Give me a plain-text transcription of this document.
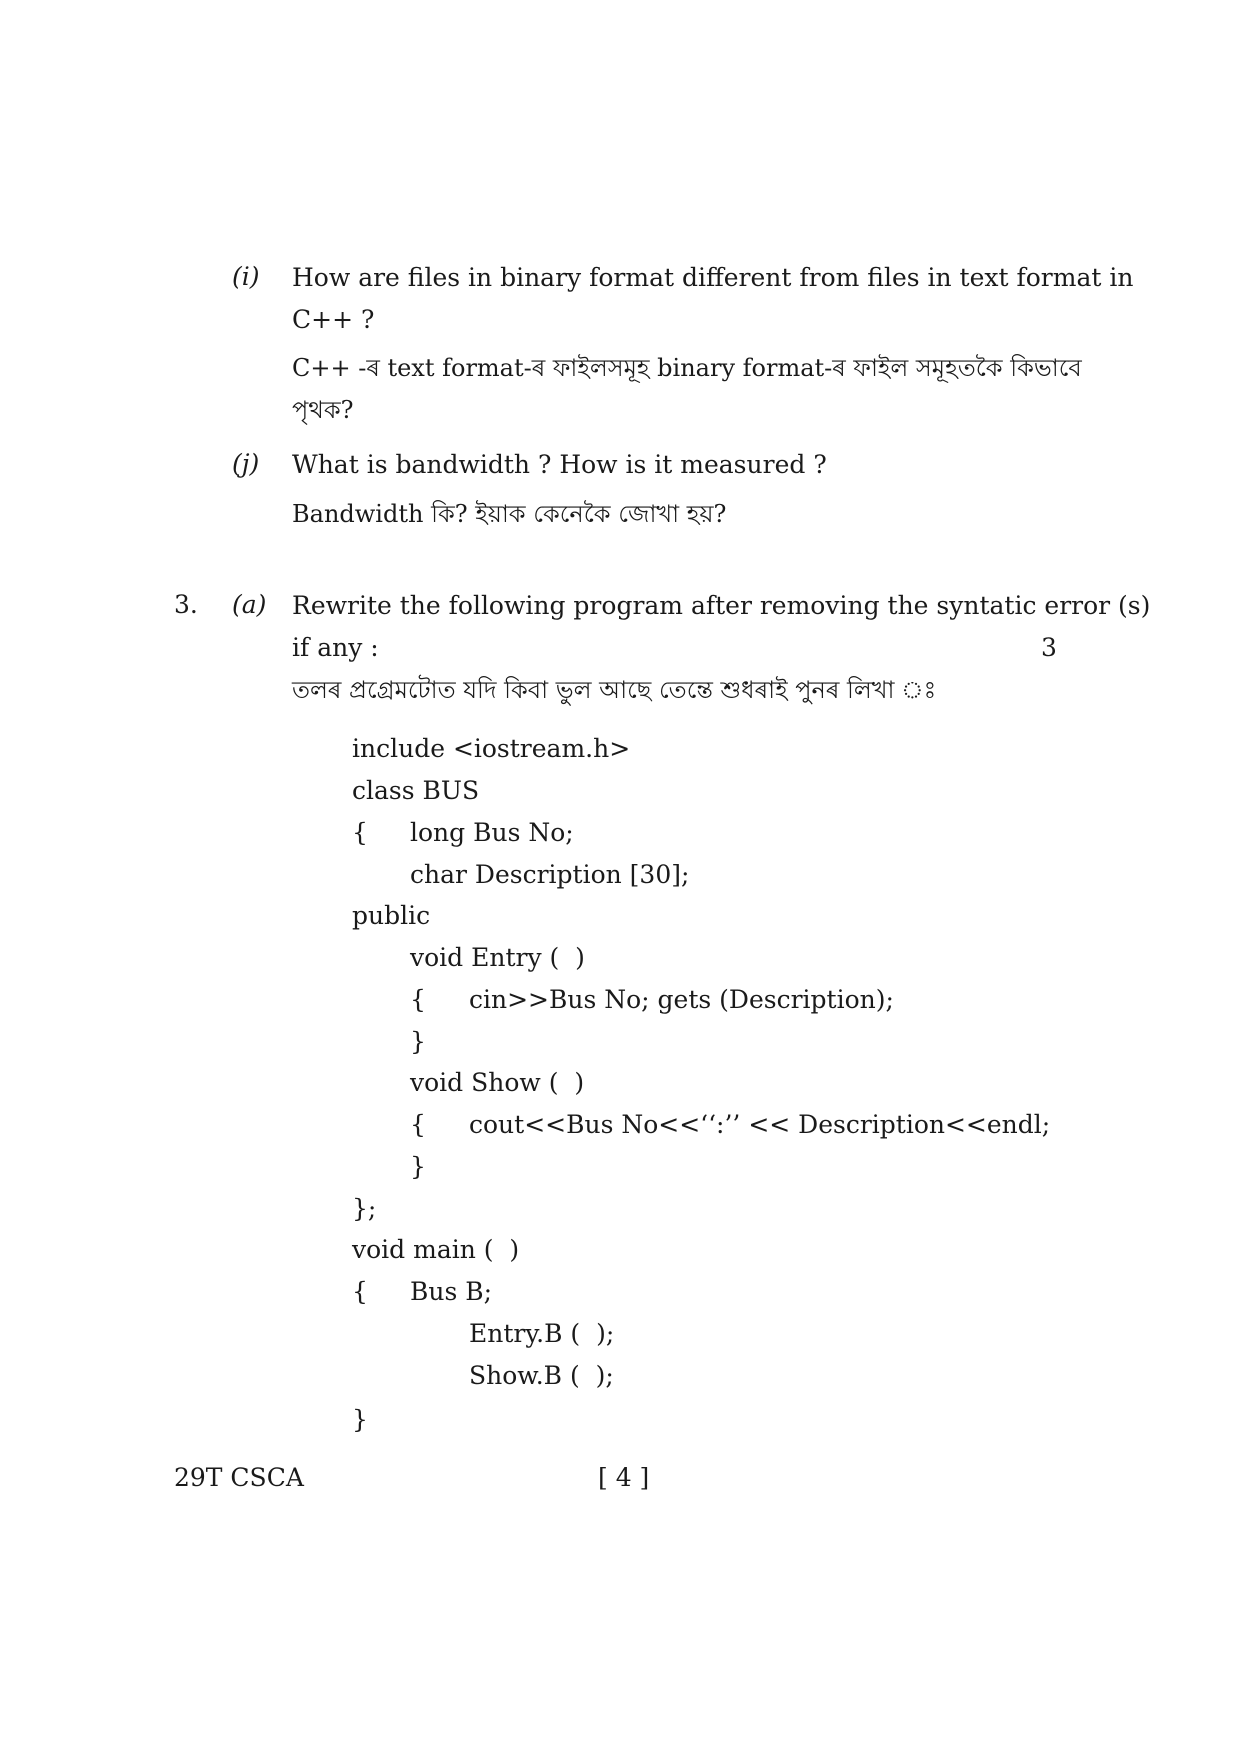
(i) How are files in binary format different from files in text format in
C++ ?
C++ -ৰ text format-ৰ ফাইলসমূহ binary format-ৰ ফাইল সমূহতকৈ কিভাবে
পৃথক?
(j) What is bandwidth ? How is it measured ?
Bandwidth কি? ইয়াক কেনেকৈ জোখা হয়?
3. (a) Rewrite the following program after removing the syntatic error (s)
if any :	3
তলৰ প্ৰগ্ৰেমটোত যদি কিবা ভুল আছে তেন্তে শুধৰাই পুনৰ লিখা ঃ
include <iostream.h>
class BUS
{ long Bus No;
char Description [30];
public
void Entry (  )
{ cin>>Bus No; gets (Description);
}
void Show (  )
{ cout<<Bus No<<‘‘:’’ << Description<<endl;
}
};
void main (  )
{ Bus B;
Entry.B (  );
Show.B (  );
}
29T CSCA	[ 4 ]
